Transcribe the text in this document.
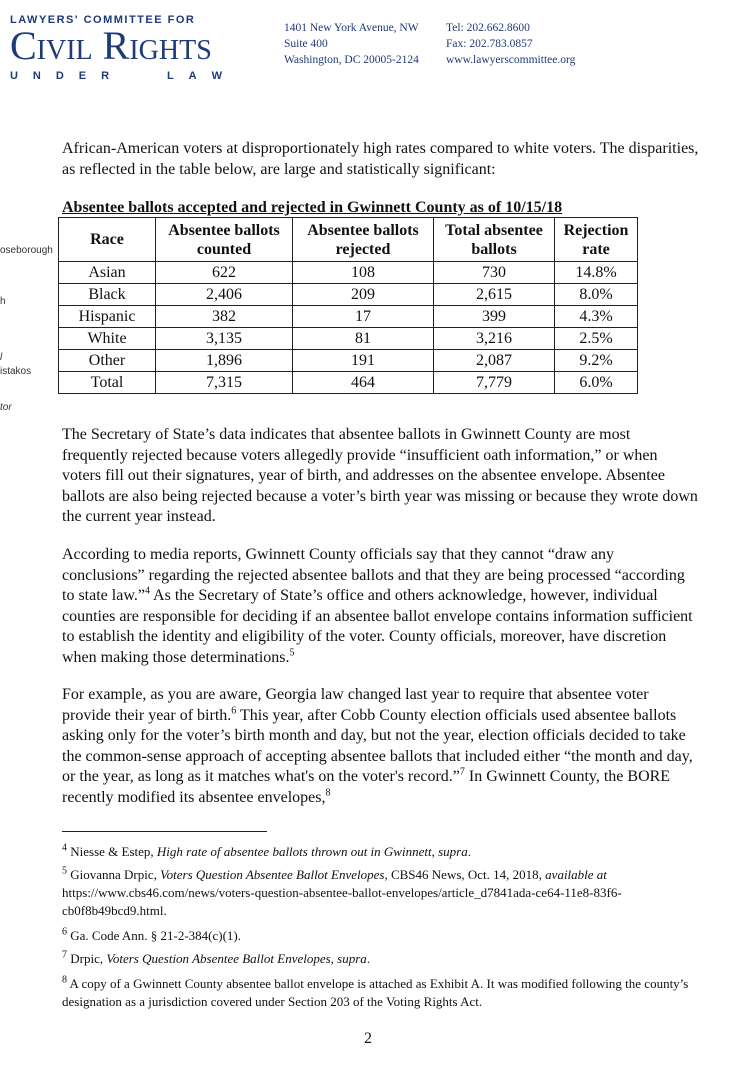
LAWYERS' COMMITTEE FOR
Civil Rights
U N D E R	L A W
1401 New York Avenue, NW
Suite 400
Washington, DC 20005-2124
Tel: 202.662.8600
Fax: 202.783.0857
www.lawyerscommittee.org
oseborough
h
l
istakos
tor
African-American voters at disproportionately high rates compared to white voters. The disparities, as reflected in the table below, are large and statistically significant:
Absentee ballots accepted and rejected in Gwinnett County as of 10/15/18
Race	Absentee ballots counted	Absentee ballots rejected	Total absentee ballots	Rejection rate
Asian	622	108	730	14.8%
Black	2,406	209	2,615	8.0%
Hispanic	382	17	399	4.3%
White	3,135	81	3,216	2.5%
Other	1,896	191	2,087	9.2%
Total	7,315	464	7,779	6.0%
The Secretary of State’s data indicates that absentee ballots in Gwinnett County are most frequently rejected because voters allegedly provide “insufficient oath information,” or when voters fill out their signatures, year of birth, and addresses on the absentee envelope. Absentee ballots are also being rejected because a voter’s birth year was missing or because they wrote down the current year instead.
According to media reports, Gwinnett County officials say that they cannot “draw any conclusions” regarding the rejected absentee ballots and that they are being processed “according to state law.”$^4$ As the Secretary of State’s office and others acknowledge, however, individual counties are responsible for deciding if an absentee ballot envelope contains information sufficient to establish the identity and eligibility of the voter. County officials, moreover, have discretion when making those determinations.$^5$
For example, as you are aware, Georgia law changed last year to require that absentee voter provide their year of birth.$^6$ This year, after Cobb County election officials used absentee ballots asking only for the voter’s birth month and day, but not the year, election officials decided to take the common-sense approach of accepting absentee ballots that included either “the month and day, or the year, as long as it matches what's on the voter's record.”$^7$ In Gwinnett County, the BORE recently modified its absentee envelopes,$^8$
$^4$ Niesse & Estep, High rate of absentee ballots thrown out in Gwinnett, supra.
$^5$ Giovanna Drpic, Voters Question Absentee Ballot Envelopes, CBS46 News, Oct. 14, 2018, available at https://www.cbs46.com/news/voters-question-absentee-ballot-envelopes/article_d7841ada-ce64-11e8-83f6-cb0f8b49bcd9.html.
$^6$ Ga. Code Ann. § 21-2-384(c)(1).
$^7$ Drpic, Voters Question Absentee Ballot Envelopes, supra.
$^8$ A copy of a Gwinnett County absentee ballot envelope is attached as Exhibit A. It was modified following the county’s designation as a jurisdiction covered under Section 203 of the Voting Rights Act.
2
